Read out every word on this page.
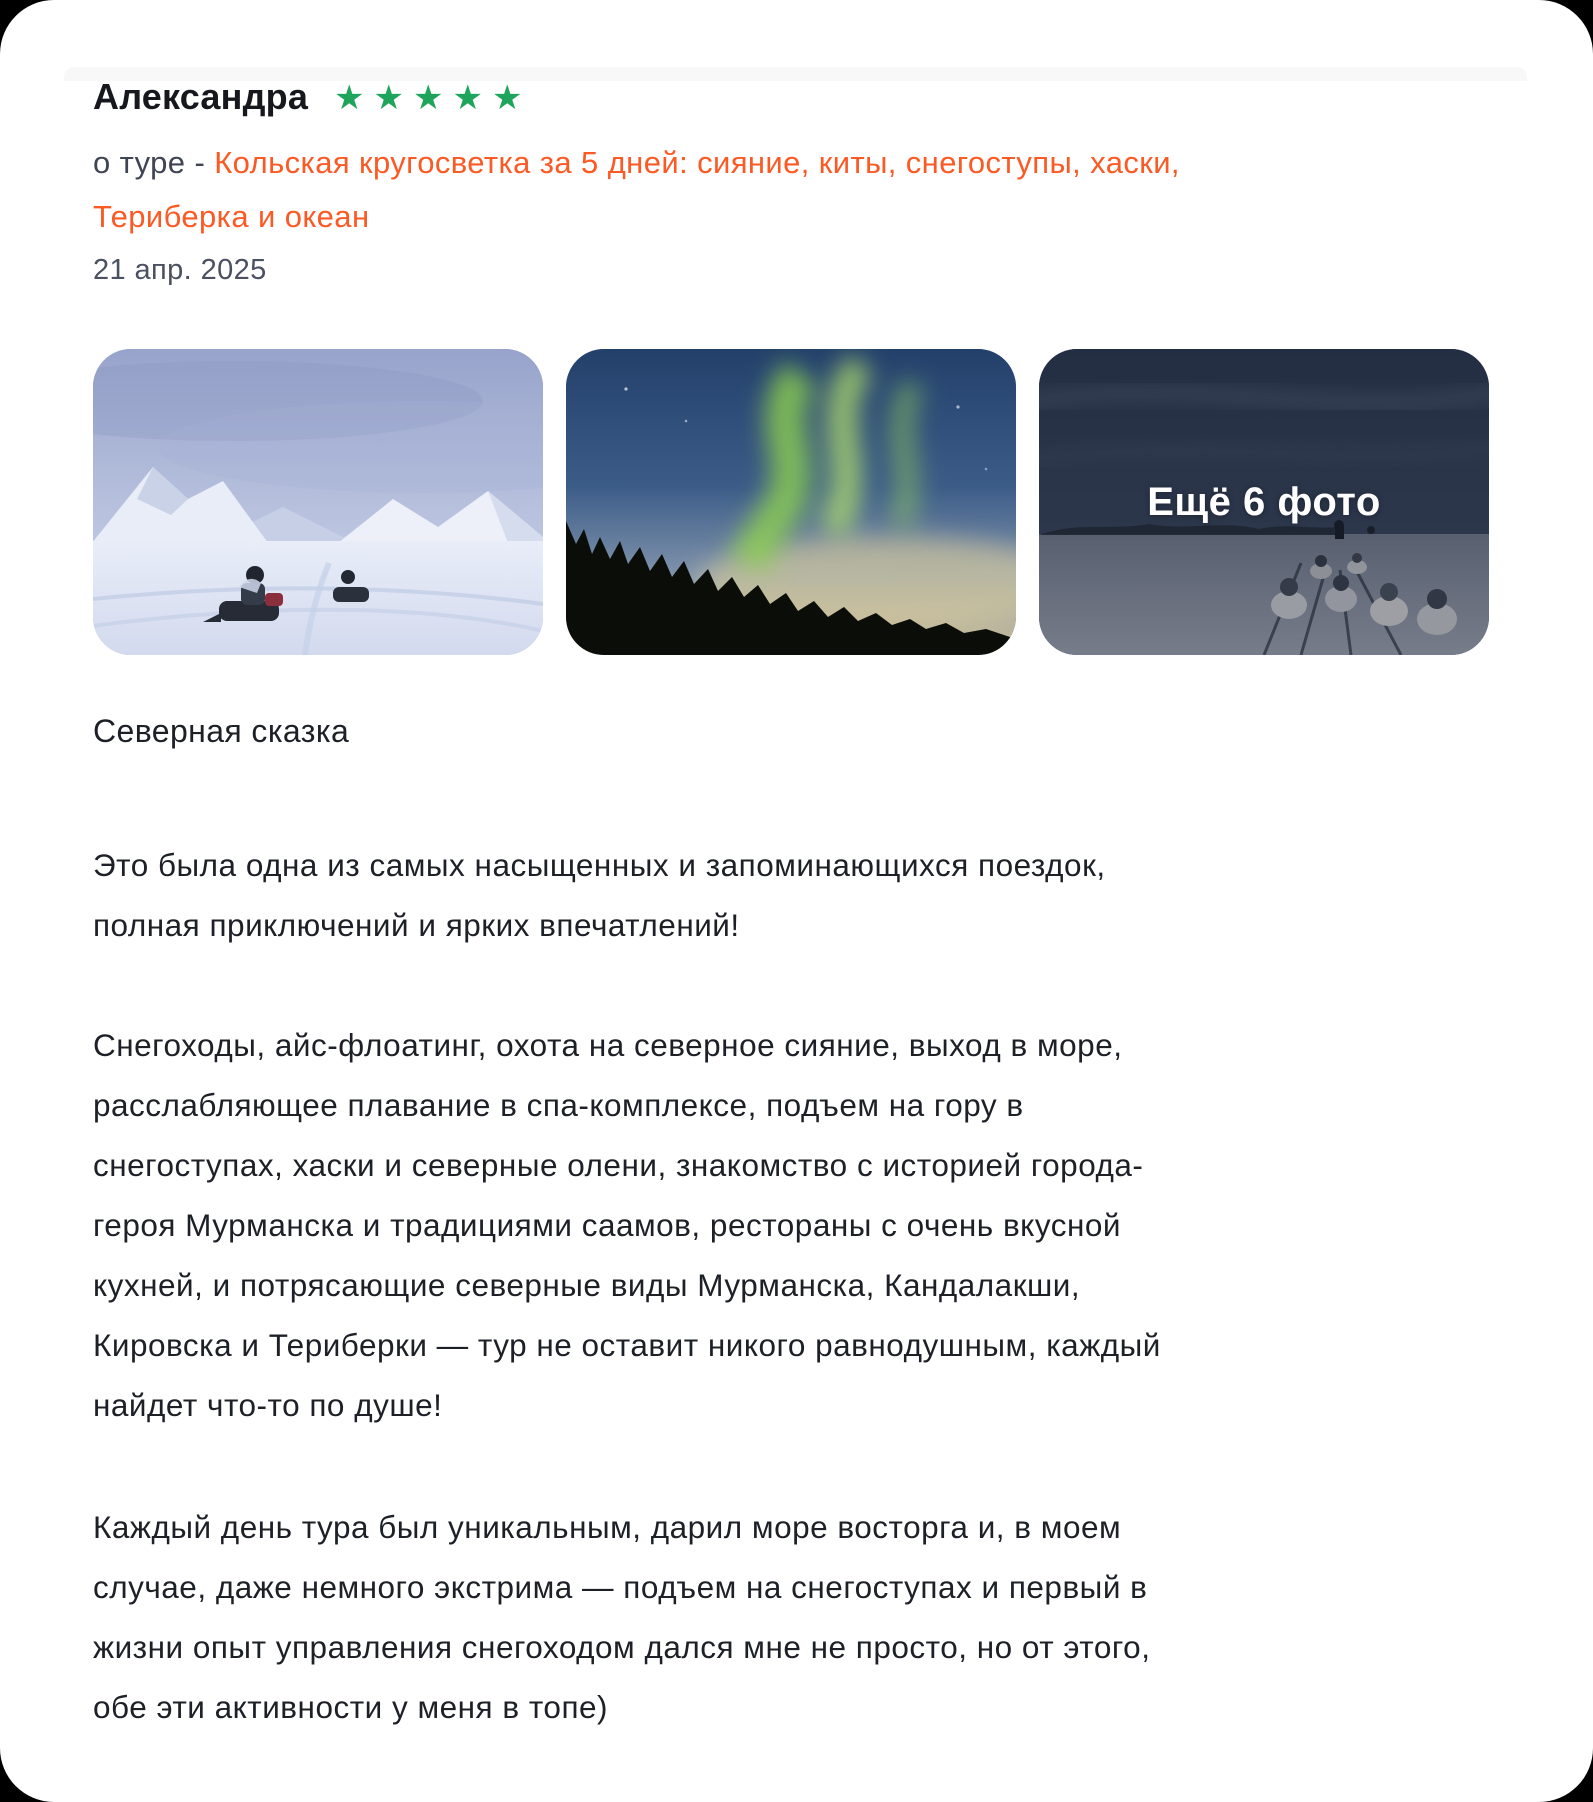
Александра ★ ★ ★ ★ ★

о туре - Кольская кругосветка за 5 дней: сияние, киты, снегоступы, хаски, Териберка и океан

21 апр. 2025

Ещё 6 фото

Северная сказка

Это была одна из самых насыщенных и запоминающихся поездок, полная приключений и ярких впечатлений!

Снегоходы, айс-флоатинг, охота на северное сияние, выход в море, расслабляющее плавание в спа-комплексе, подъем на гору в снегоступах, хаски и северные олени, знакомство с историей города-героя Мурманска и традициями саамов, рестораны с очень вкусной кухней, и потрясающие северные виды Мурманска, Кандалакши, Кировска и Териберки — тур не оставит никого равнодушным, каждый найдет что-то по душе!

Каждый день тура был уникальным, дарил море восторга и, в моем случае, даже немного экстрима — подъем на снегоступах и первый в жизни опыт управления снегоходом дался мне не просто, но от этого, обе эти активности у меня в топе)
